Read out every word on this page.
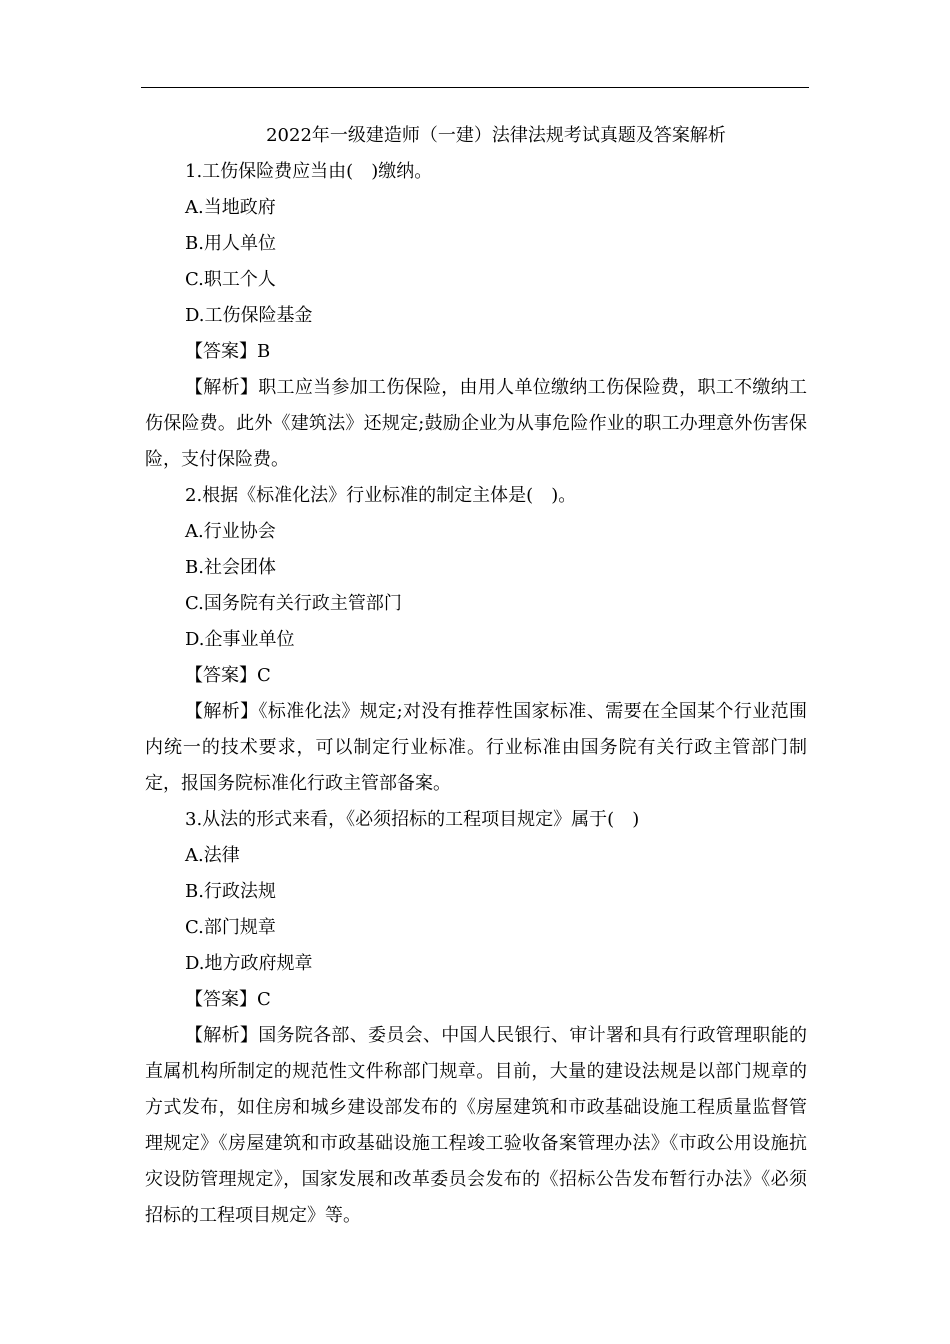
2022年一级建造师（一建）法律法规考试真题及答案解析

1.工伤保险费应当由(　)缴纳。

A.当地政府

B.用人单位

C.职工个人

D.工伤保险基金

【答案】B

【解析】职工应当参加工伤保险，由用人单位缴纳工伤保险费，职工不缴纳工伤保险费。此外《建筑法》还规定;鼓励企业为从事危险作业的职工办理意外伤害保险，支付保险费。

2.根据《标准化法》行业标准的制定主体是(　)。

A.行业协会

B.社会团体

C.国务院有关行政主管部门

D.企事业单位

【答案】C

【解析】《标准化法》规定;对没有推荐性国家标准、需要在全国某个行业范围内统一的技术要求，可以制定行业标准。行业标准由国务院有关行政主管部门制定，报国务院标准化行政主管部备案。

3.从法的形式来看，《必须招标的工程项目规定》属于(　)

A.法律

B.行政法规

C.部门规章

D.地方政府规章

【答案】C

【解析】国务院各部、委员会、中国人民银行、审计署和具有行政管理职能的直属机构所制定的规范性文件称部门规章。目前，大量的建设法规是以部门规章的方式发布，如住房和城乡建设部发布的《房屋建筑和市政基础设施工程质量监督管理规定》《房屋建筑和市政基础设施工程竣工验收备案管理办法》《市政公用设施抗灾设防管理规定》，国家发展和改革委员会发布的《招标公告发布暂行办法》《必须招标的工程项目规定》等。
